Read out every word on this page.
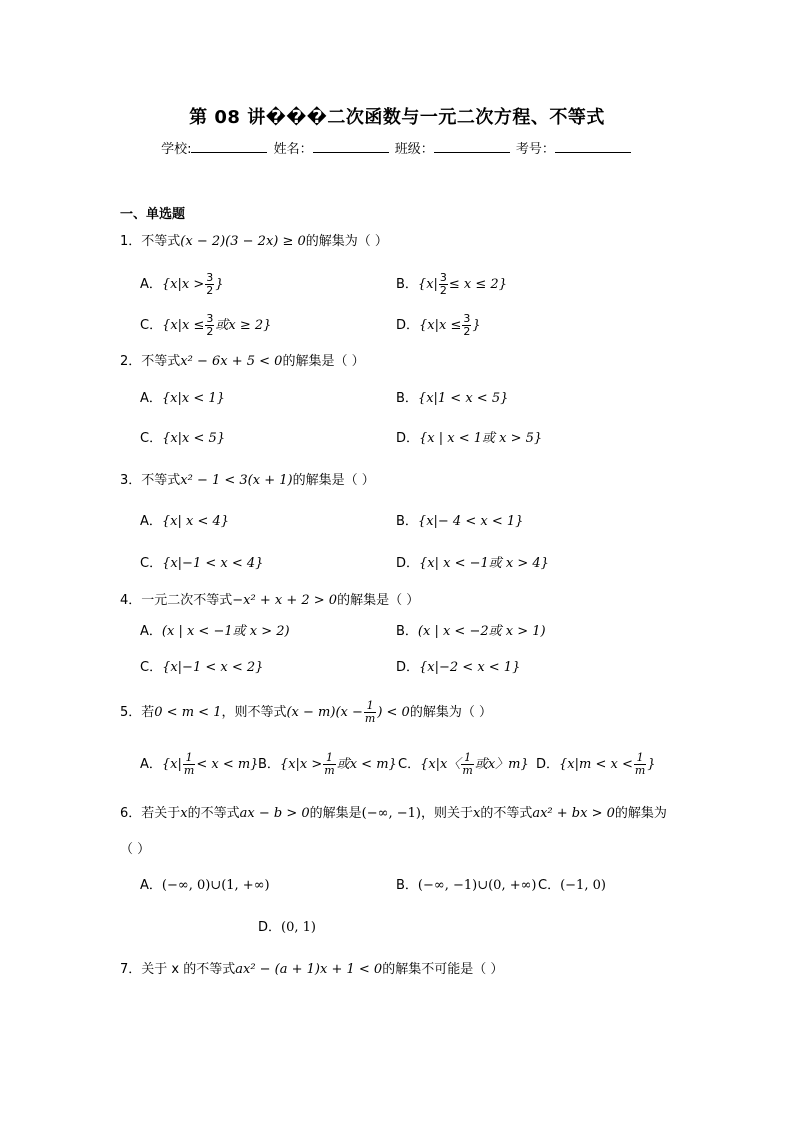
第 08 讲���二次函数与一元二次方程、不等式
学校:	姓名：	班级：	考号：
一、单选题
1．不等式(x − 2)(3 − 2x) ≥ 0的解集为（ ）
A．{$x|x > \frac{3}{2}$ }	B．$\{x| \frac{3}{2} \le x \le 2\}$
C．{$x|x \le \frac{3}{2}$ 或x ≥ 2}	D．{$x|x \le \frac{3}{2}$ }
2．不等式x² − 6x + 5 < 0的解集是（ ）
A．{x|x < 1}	B．{x|1 < x < 5}
C．{x|x < 5}	D．{x | x < 1或 x > 5}
3．不等式x² − 1 < 3(x + 1)的解集是（ ）
A．{x| x < 4}	B．{x|− 4 < x < 1}
C．{x|−1 < x < 4}	D．{x| x < −1或 x > 4}
4．一元二次不等式−x² + x + 2 > 0的解集是（ ）
A．(x | x < −1或 x > 2)	B．(x | x < −2或 x > 1)
C．{x|−1 < x < 2}	D．{x|−2 < x < 1}
5．若0 < m < 1，则不等式$(x - m)(x - \frac{1}{m}$ ) < 0的解集为（ ）
A．$\{x| \frac{1}{m} < x < m\}$ B．{$x|x > \frac{1}{m}$ 或x < m} C．{x|x〈 $\frac{1}{m}$ 或x〉m} D．{$x|m < x < \frac{1}{m}$ }
6．若关于x的不等式ax − b > 0的解集是(−∞, −1)，则关于x的不等式ax² + bx > 0的解集为
（ ）
A．(−∞, 0)∪(1, +∞)	B．(−∞, −1)∪(0, +∞) C．(−1, 0)
D．(0, 1)
7．关于 x 的不等式ax² − (a + 1)x + 1 < 0的解集不可能是（ ）
